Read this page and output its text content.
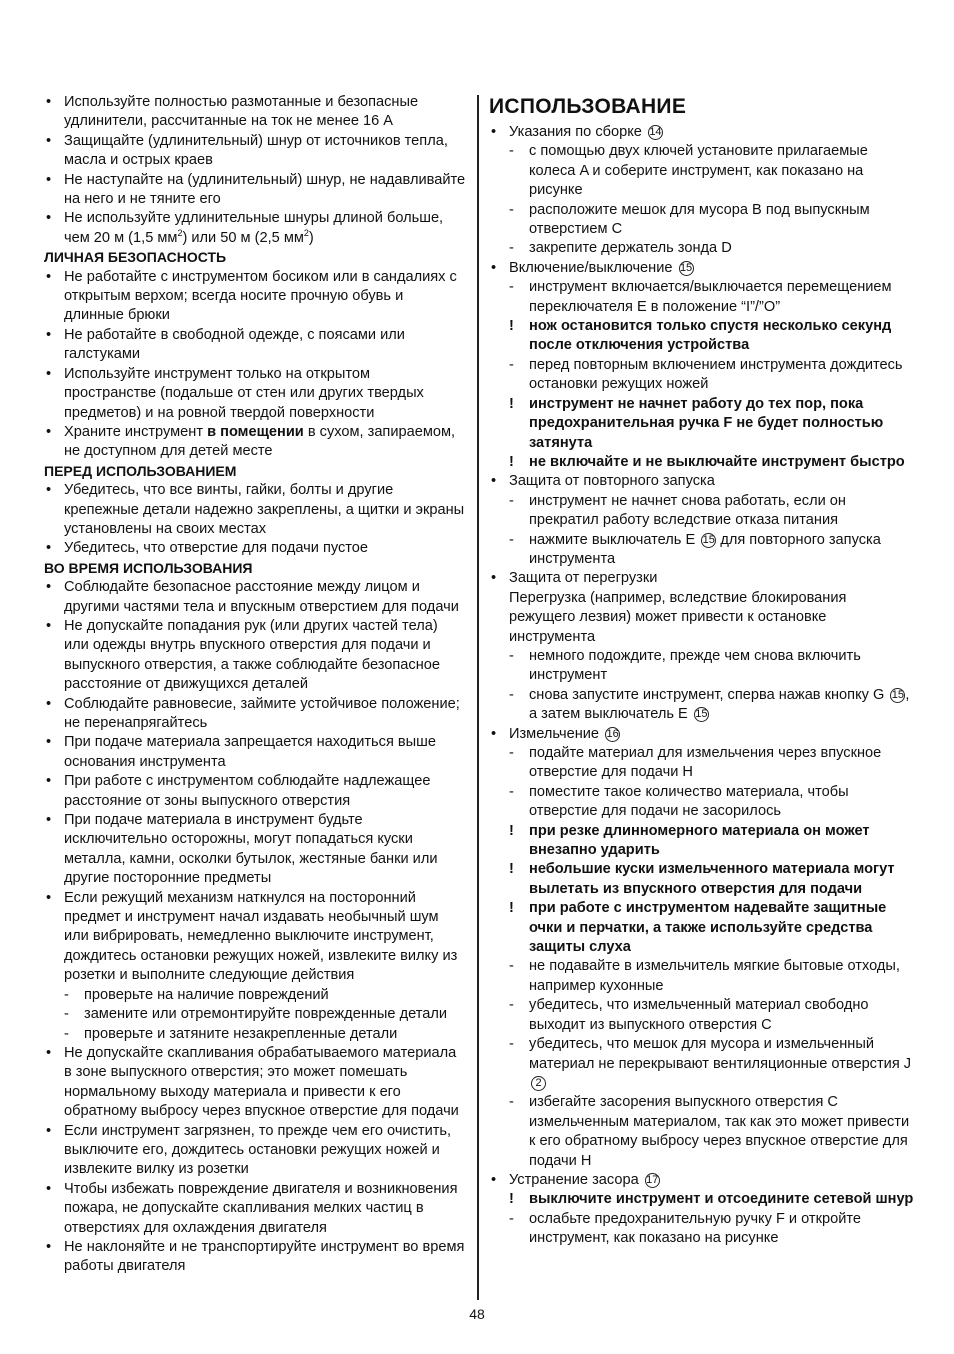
• Используйте полностью размотанные и безопасные удлинители, рассчитанные на ток не менее 16 А
• Защищайте (удлинительный) шнур от источников тепла, масла и острых краев
• Не наступайте на (удлинительный) шнур, не надавливайте на него и не тяните его
• Не используйте удлинительные шнуры длиной больше, чем 20 м (1,5 $мм^2$) или 50 м (2,5 $мм^2$)
ЛИЧНАЯ БЕЗОПАСНОСТЬ
• Не работайте с инструментом босиком или в сандалиях с открытым верхом; всегда носите прочную обувь и длинные брюки
• Не работайте в свободной одежде, с поясами или галстуками
• Используйте инструмент только на открытом пространстве (подальше от стен или других твердых предметов) и на ровной твердой поверхности
• Храните инструмент в помещении в сухом, запираемом, не доступном для детей месте
ПЕРЕД ИСПОЛЬЗОВАНИЕМ
• Убедитесь, что все винты, гайки, болты и другие крепежные детали надежно закреплены, а щитки и экраны установлены на своих местах
• Убедитесь, что отверстие для подачи пустое
ВО ВРЕМЯ ИСПОЛЬЗОВАНИЯ
• Соблюдайте безопасное расстояние между лицом и другими частями тела и впускным отверстием для подачи
• Не допускайте попадания рук (или других частей тела) или одежды внутрь впускного отверстия для подачи и выпускного отверстия, а также соблюдайте безопасное расстояние от движущихся деталей
• Соблюдайте равновесие, займите устойчивое положение; не перенапрягайтесь
• При подаче материала запрещается находиться выше основания инструмента
• При работе с инструментом соблюдайте надлежащее расстояние от зоны выпускного отверстия
• При подаче материала в инструмент будьте исключительно осторожны, могут попадаться куски металла, камни, осколки бутылок, жестяные банки или другие посторонние предметы
• Если режущий механизм наткнулся на посторонний предмет и инструмент начал издавать необычный шум или вибрировать, немедленно выключите инструмент, дождитесь остановки режущих ножей, извлеките вилку из розетки и выполните следующие действия
- проверьте на наличие повреждений
- замените или отремонтируйте поврежденные детали
- проверьте и затяните незакрепленные детали
• Не допускайте скапливания обрабатываемого материала в зоне выпускного отверстия; это может помешать нормальному выходу материала и привести к его обратному выбросу через впускное отверстие для подачи
• Если инструмент загрязнен, то прежде чем его очистить, выключите его, дождитесь остановки режущих ножей и извлеките вилку из розетки
• Чтобы избежать повреждение двигателя и возникновения пожара, не допускайте скапливания мелких частиц в отверстиях для охлаждения двигателя
• Не наклоняйте и не транспортируйте инструмент во время работы двигателя
ИСПОЛЬЗОВАНИЕ
• Указания по сборке 14
- с помощью двух ключей установите прилагаемые колеса A и соберите инструмент, как показано на рисунке
- расположите мешок для мусора B под выпускным отверстием C
- закрепите держатель зонда D
• Включение/выключение 15
- инструмент включается/выключается перемещением переключателя E в положение “I”/”O”
! нож остановится только спустя несколько секунд после отключения устройства
- перед повторным включением инструмента дождитесь остановки режущих ножей
! инструмент не начнет работу до тех пор, пока предохранительная ручка F не будет полностью затянута
! не включайте и не выключайте инструмент быстро
• Защита от повторного запуска
- инструмент не начнет снова работать, если он прекратил работу вследствие отказа питания
- нажмите выключатель E 15 для повторного запуска инструмента
• Защита от перегрузки
Перегрузка (например, вследствие блокирования режущего лезвия) может привести к остановке инструмента
- немного подождите, прежде чем снова включить инструмент
- снова запустите инструмент, сперва нажав кнопку G 15, а затем выключатель E 15
• Измельчение 16
- подайте материал для измельчения через впускное отверстие для подачи H
- поместите такое количество материала, чтобы отверстие для подачи не засорилось
! при резке длинномерного материала он может внезапно ударить
! небольшие куски измельченного материала могут вылетать из впускного отверстия для подачи
! при работе с инструментом надевайте защитные очки и перчатки, а также используйте средства защиты слуха
- не подавайте в измельчитель мягкие бытовые отходы, например кухонные
- убедитесь, что измельченный материал свободно выходит из выпускного отверстия C
- убедитесь, что мешок для мусора и измельченный материал не перекрывают вентиляционные отверстия J 2
- избегайте засорения выпускного отверстия C измельченным материалом, так как это может привести к его обратному выбросу через впускное отверстие для подачи H
• Устранение засора 17
! выключите инструмент и отсоедините сетевой шнур
- ослабьте предохранительную ручку F и откройте инструмент, как показано на рисунке
48
